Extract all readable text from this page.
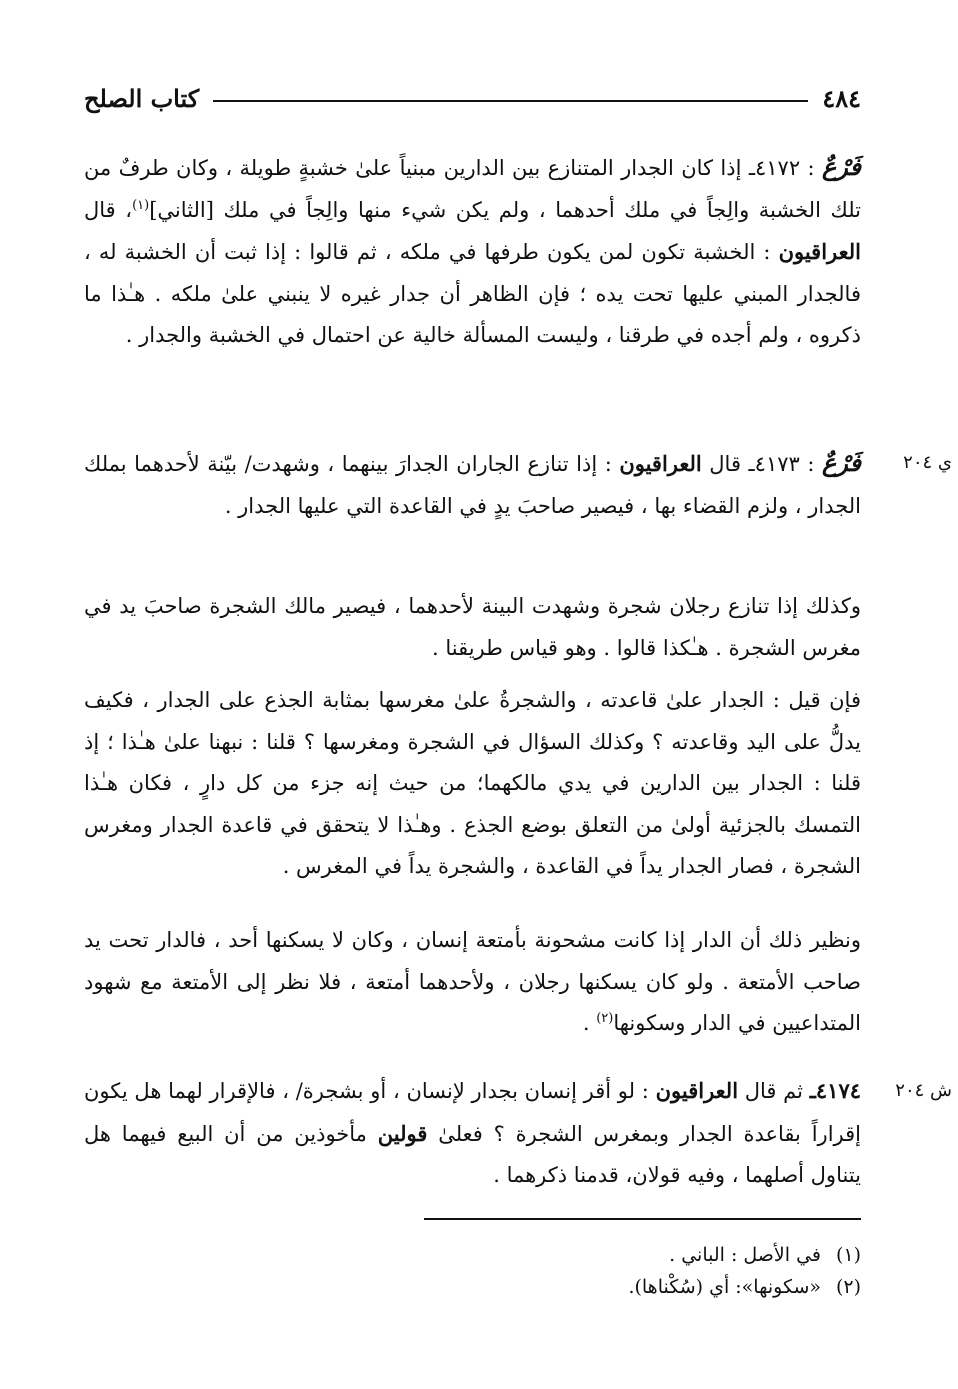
٤٨٤
كتاب الصلح

فَرْعٌ : ٤١٧٢ـ إذا كان الجدار المتنازع بين الدارين مبنياً علىٰ خشبةٍ طويلة ، وكان طرفٌ من تلك الخشبة والِجاً في ملك أحدهما ، ولم يكن شيء منها والِجاً في ملك [الثاني]$^{(١)}$، قال العراقيون : الخشبة تكون لمن يكون طرفها في ملكه ، ثم قالوا : إذا ثبت أن الخشبة له ، فالجدار المبني عليها تحت يده ؛ فإن الظاهر أن جدار غيره لا ينبني علىٰ ملكه . هـٰذا ما ذكروه ، ولم أجده في طرقنا ، وليست المسألة خالية عن احتمال في الخشبة والجدار .

ي ٢٠٤

فَرْعٌ : ٤١٧٣ـ قال العراقيون : إذا تنازع الجاران الجدارَ بينهما ، وشهدت/ بيّنة لأحدهما بملك الجدار ، ولزم القضاء بها ، فيصير صاحبَ يدٍ في القاعدة التي عليها الجدار .

وكذلك إذا تنازع رجلان شجرة وشهدت البينة لأحدهما ، فيصير مالك الشجرة صاحبَ يد في مغرس الشجرة . هـٰكذا قالوا . وهو قياس طريقنا .

فإن قيل : الجدار علىٰ قاعدته ، والشجرةُ علىٰ مغرسها بمثابة الجذع على الجدار ، فكيف يدلُّ على اليد وقاعدته ؟ وكذلك السؤال في الشجرة ومغرسها ؟ قلنا : نبهنا علىٰ هـٰذا ؛ إذ قلنا : الجدار بين الدارين في يدي مالكهما؛ من حيث إنه جزء من كل دارٍ ، فكان هـٰذا التمسك بالجزئية أولىٰ من التعلق بوضع الجذع . وهـٰذا لا يتحقق في قاعدة الجدار ومغرس الشجرة ، فصار الجدار يداً في القاعدة ، والشجرة يداً في المغرس .

ونظير ذلك أن الدار إذا كانت مشحونة بأمتعة إنسان ، وكان لا يسكنها أحد ، فالدار تحت يد صاحب الأمتعة . ولو كان يسكنها رجلان ، ولأحدهما أمتعة ، فلا نظر إلى الأمتعة مع شهود المتداعيين في الدار وسكونها$^{(٢)}$ .

ش ٢٠٤

٤١٧٤ـ ثم قال العراقيون : لو أقر إنسان بجدار لإنسان ، أو بشجرة/ ، فالإقرار لهما هل يكون إقراراً بقاعدة الجدار وبمغرس الشجرة ؟ فعلىٰ قولين مأخوذين من أن البيع فيهما هل يتناول أصلهما ، وفيه قولان، قدمنا ذكرهما .

(١)في الأصل : الباني .
(٢)«سكونها»: أي (سُكْناها).
